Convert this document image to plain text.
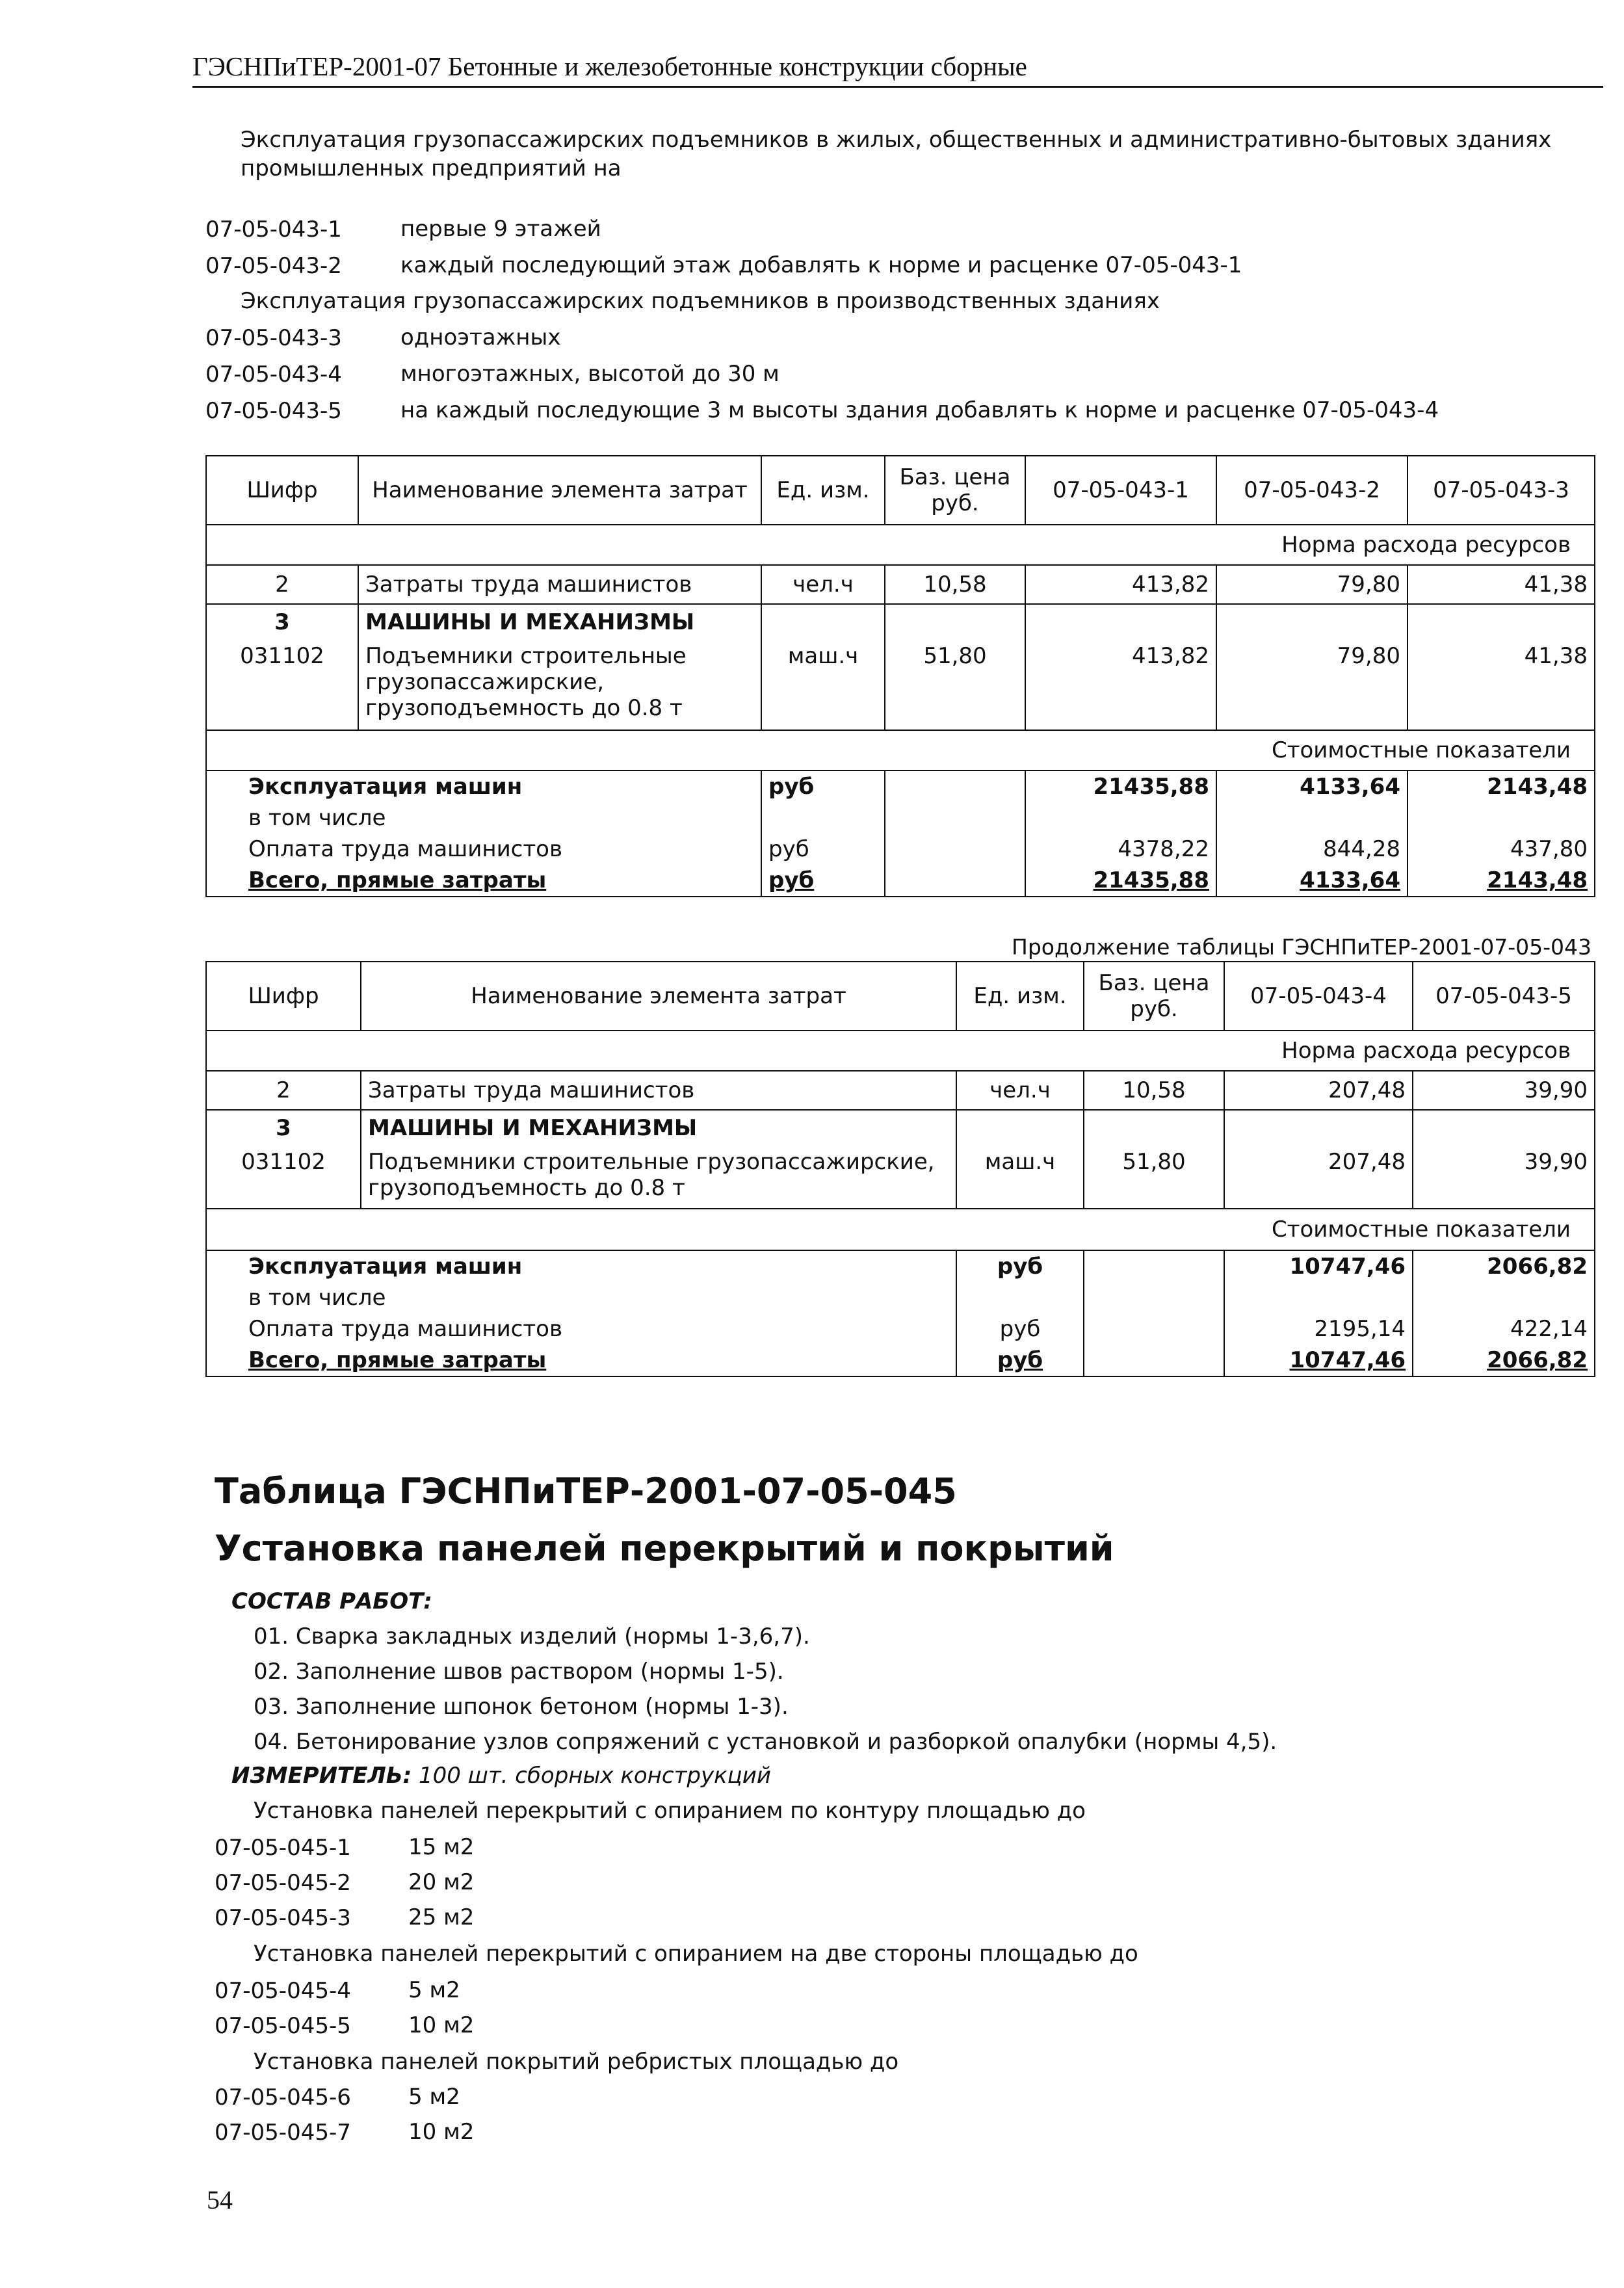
ГЭСНПиТЕР-2001-07 Бетонные и железобетонные конструкции сборные
Эксплуатация грузопассажирских подъемников в жилых, общественных и административно-бытовых зданиях
промышленных предприятий на
07-05-043-1	первые 9 этажей
07-05-043-2	каждый последующий этаж добавлять к норме и расценке 07-05-043-1
Эксплуатация грузопассажирских подъемников в производственных зданиях
07-05-043-3	одноэтажных
07-05-043-4	многоэтажных, высотой до 30 м
07-05-043-5	на каждый последующие 3 м высоты здания добавлять к норме и расценке 07-05-043-4
Шифр	Наименование элемента затрат	Ед. изм.	Баз. цена руб.	07-05-043-1	07-05-043-2	07-05-043-3
Норма расхода ресурсов						
2	Затраты труда машинистов	чел.ч	10,58	413,82	79,80	41,38
3	МАШИНЫ И МЕХАНИЗМЫ					
031102	Подъемники строительные
грузопассажирские,
грузоподъемность до 0.8 т	маш.ч	51,80	413,82	79,80	41,38
Стоимостные показатели						
Эксплуатация машин		руб		21435,88	4133,64	2143,48
в том числе						
Оплата труда машинистов		руб		4378,22	844,28	437,80
Всего, прямые затраты		руб		21435,88	4133,64	2143,48
Продолжение таблицы ГЭСНПиТЕР-2001-07-05-043
Шифр	Наименование элемента затрат	Ед. изм.	Баз. цена руб.	07-05-043-4	07-05-043-5
Норма расхода ресурсов					
2	Затраты труда машинистов	чел.ч	10,58	207,48	39,90
3	МАШИНЫ И МЕХАНИЗМЫ				
031102	Подъемники строительные грузопассажирские,
грузоподъемность до 0.8 т	маш.ч	51,80	207,48	39,90
Стоимостные показатели					
Эксплуатация машин		руб		10747,46	2066,82
в том числе					
Оплата труда машинистов		руб		2195,14	422,14
Всего, прямые затраты		руб		10747,46	2066,82
Таблица ГЭСНПиТЕР-2001-07-05-045
Установка панелей перекрытий и покрытий
СОСТАВ РАБОТ:
01. Сварка закладных изделий (нормы 1-3,6,7).
02. Заполнение швов раствором (нормы 1-5).
03. Заполнение шпонок бетоном (нормы 1-3).
04. Бетонирование узлов сопряжений с установкой и разборкой опалубки (нормы 4,5).
ИЗМЕРИТЕЛЬ: 100 шт. сборных конструкций
Установка панелей перекрытий с опиранием по контуру площадью до
07-05-045-1	15 м2
07-05-045-2	20 м2
07-05-045-3	25 м2
Установка панелей перекрытий с опиранием на две стороны площадью до
07-05-045-4	5 м2
07-05-045-5	10 м2
Установка панелей покрытий ребристых площадью до
07-05-045-6	5 м2
07-05-045-7	10 м2
54
